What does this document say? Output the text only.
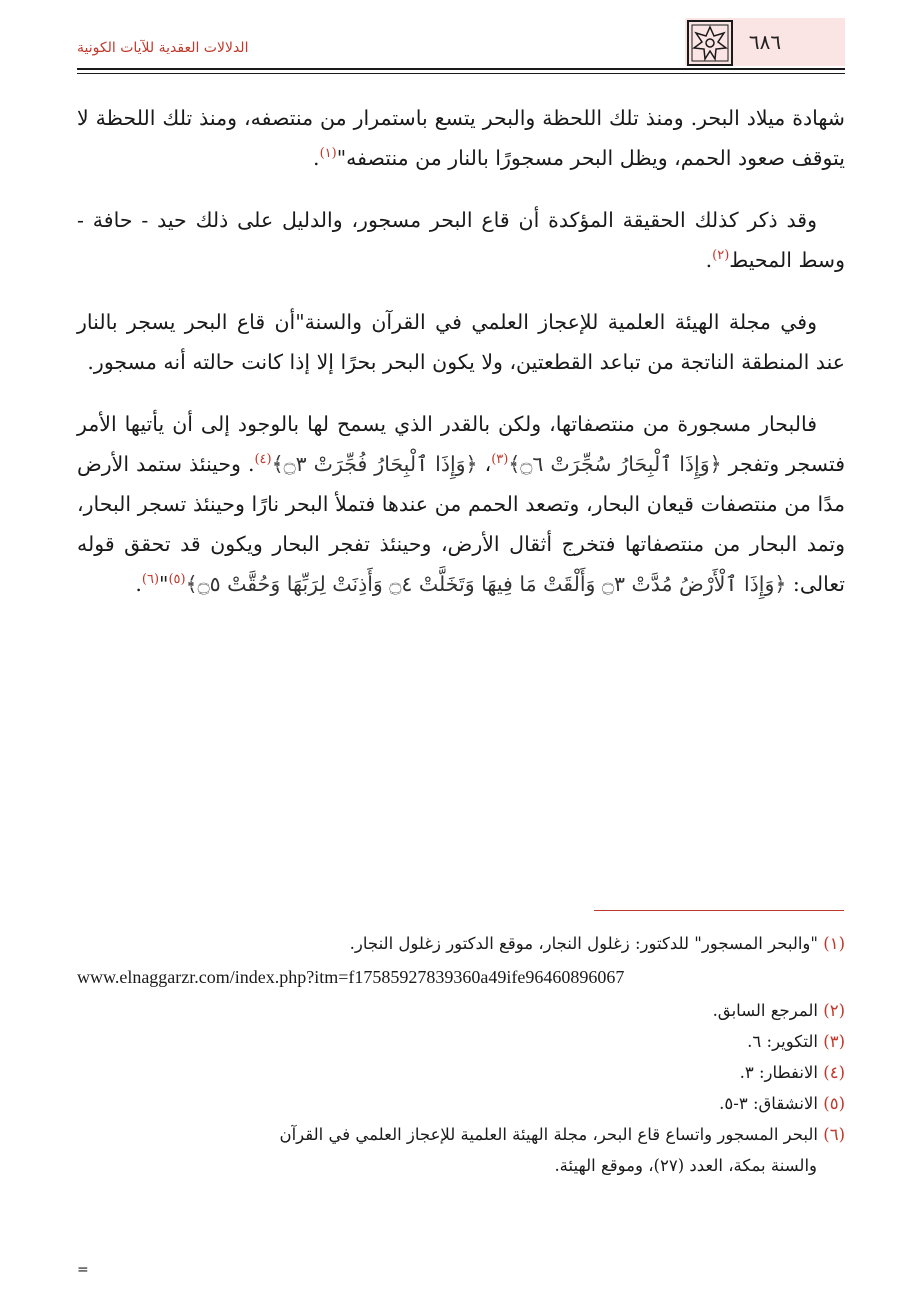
٦٨٦
الدلالات العقدية للآيات الكونية

شهادة ميلاد البحر. ومنذ تلك اللحظة والبحر يتسع باستمرار من منتصفه، ومنذ تلك اللحظة لا يتوقف صعود الحمم، ويظل البحر مسجورًا بالنار من منتصفه"$^{(١)}$.

وقد ذكر كذلك الحقيقة المؤكدة أن قاع البحر مسجور، والدليل على ذلك حيد - حافة - وسط المحيط$^{(٢)}$.

وفي مجلة الهيئة العلمية للإعجاز العلمي في القرآن والسنة"أن قاع البحر يسجر بالنار عند المنطقة الناتجة من تباعد القطعتين، ولا يكون البحر بحرًا إلا إذا كانت حالته أنه مسجور.

فالبحار مسجورة من منتصفاتها، ولكن بالقدر الذي يسمح لها بالوجود إلى أن يأتيها الأمر فتسجر وتفجر ﴿وَإِذَا ٱلْبِحَارُ سُجِّرَتْ ۝٦﴾$^{(٣)}$، ﴿وَإِذَا ٱلْبِحَارُ فُجِّرَتْ ۝٣﴾$^{(٤)}$. وحينئذ ستمد الأرض مدًا من منتصفات قيعان البحار، وتصعد الحمم من عندها فتملأ البحر نارًا وحينئذ تسجر البحار، وتمد البحار من منتصفاتها فتخرج أثقال الأرض، وحينئذ تفجر البحار ويكون قد تحقق قوله تعالى: ﴿وَإِذَا ٱلْأَرْضُ مُدَّتْ ۝٣ وَأَلْقَتْ مَا فِيهَا وَتَخَلَّتْ ۝٤ وَأَذِنَتْ لِرَبِّهَا وَحُقَّتْ ۝٥﴾$^{(٥)}$"$^{(٦)}$.

(١) "والبحر المسجور" للدكتور: زغلول النجار، موقع الدكتور زغلول النجار.

www.elnaggarzr.com/index.php?itm=f17585927839360a49ife96460896067

(٢) المرجع السابق.

(٣) التكوير: ٦.

(٤) الانفطار: ٣.

(٥) الانشقاق: ٣-٥.

(٦) البحر المسجور واتساع قاع البحر، مجلة الهيئة العلمية للإعجاز العلمي في القرآن
والسنة بمكة، العدد (٢٧)، وموقع الهيئة.

=
